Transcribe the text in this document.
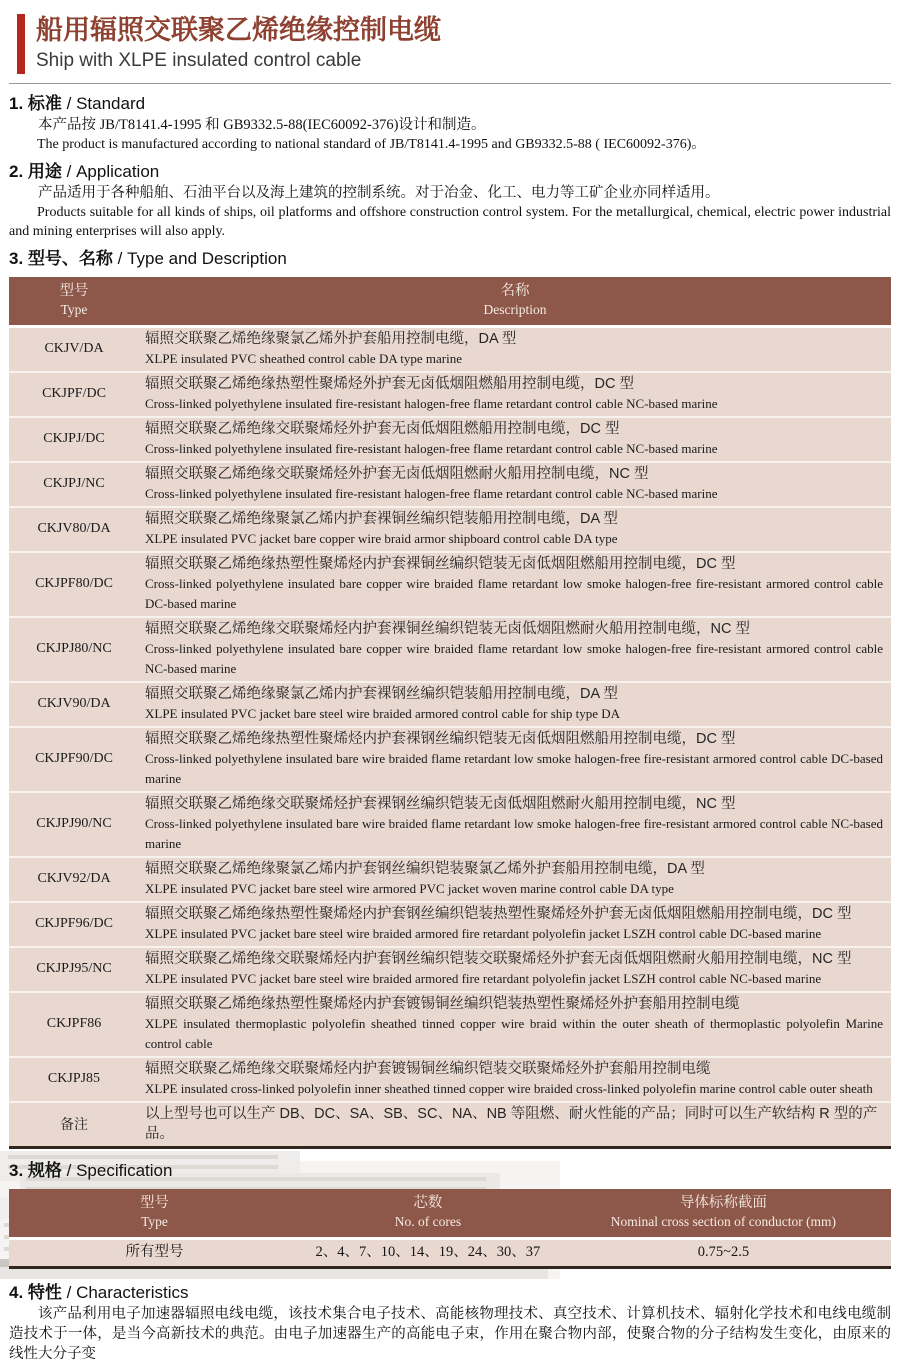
船用辐照交联聚乙烯绝缘控制电缆
Ship with XLPE insulated control cable
1. 标准 / Standard

本产品按 JB/T8141.4-1995 和 GB9332.5-88(IEC60092-376)设计和制造。

The product is manufactured according to national standard of JB/T8141.4-1995 and GB9332.5-88 ( IEC60092-376)。

2. 用途 / Application

产品适用于各种船舶、石油平台以及海上建筑的控制系统。对于冶金、化工、电力等工矿企业亦同样适用。

Products suitable for all kinds of ships, oil platforms and offshore construction control system. For the metallurgical, chemical, electric power industrial and mining enterprises will also apply.

3. 型号、名称 / Type and Description
型号
Type	名称
Description

CKJV/DA	辐照交联聚乙烯绝缘聚氯乙烯外护套船用控制电缆，DA 型
XLPE insulated PVC sheathed control cable DA type marine

CKJPF/DC	辐照交联聚乙烯绝缘热塑性聚烯烃外护套无卤低烟阻燃船用控制电缆，DC 型
Cross-linked polyethylene insulated fire-resistant halogen-free flame retardant control cable NC-based marine

CKJPJ/DC	辐照交联聚乙烯绝缘交联聚烯烃外护套无卤低烟阻燃船用控制电缆，DC 型
Cross-linked polyethylene insulated fire-resistant halogen-free flame retardant control cable NC-based marine

CKJPJ/NC	辐照交联聚乙烯绝缘交联聚烯烃外护套无卤低烟阻燃耐火船用控制电缆，NC 型
Cross-linked polyethylene insulated fire-resistant halogen-free flame retardant control cable NC-based marine

CKJV80/DA	辐照交联聚乙烯绝缘聚氯乙烯内护套裸铜丝编织铠装船用控制电缆，DA 型
XLPE insulated PVC jacket bare copper wire braid armor shipboard control cable DA type

CKJPF80/DC	辐照交联聚乙烯绝缘热塑性聚烯烃内护套裸铜丝编织铠装无卤低烟阻燃船用控制电缆，DC 型
Cross-linked polyethylene insulated bare copper wire braided flame retardant low smoke halogen-free fire-resistant armored control cable DC-based marine

CKJPJ80/NC	辐照交联聚乙烯绝缘交联聚烯烃内护套裸铜丝编织铠装无卤低烟阻燃耐火船用控制电缆，NC 型
Cross-linked polyethylene insulated bare copper wire braided flame retardant low smoke halogen-free fire-resistant armored control cable NC-based marine

CKJV90/DA	辐照交联聚乙烯绝缘聚氯乙烯内护套裸钢丝编织铠装船用控制电缆，DA 型
XLPE insulated PVC jacket bare steel wire braided armored control cable for ship type DA

CKJPF90/DC	辐照交联聚乙烯绝缘热塑性聚烯烃内护套裸钢丝编织铠装无卤低烟阻燃船用控制电缆，DC 型
Cross-linked polyethylene insulated bare wire braided flame retardant low smoke halogen-free fire-resistant armored control cable DC-based marine

CKJPJ90/NC	辐照交联聚乙烯绝缘交联聚烯烃护套裸钢丝编织铠装无卤低烟阻燃耐火船用控制电缆，NC 型
Cross-linked polyethylene insulated bare wire braided flame retardant low smoke halogen-free fire-resistant armored control cable NC-based marine

CKJV92/DA	辐照交联聚乙烯绝缘聚氯乙烯内护套钢丝编织铠装聚氯乙烯外护套船用控制电缆，DA 型
XLPE insulated PVC jacket bare steel wire armored PVC jacket woven marine control cable DA type

CKJPF96/DC	辐照交联聚乙烯绝缘热塑性聚烯烃内护套钢丝编织铠装热塑性聚烯烃外护套无卤低烟阻燃船用控制电缆，DC 型
XLPE insulated PVC jacket bare steel wire braided armored fire retardant polyolefin jacket LSZH control cable DC-based marine

CKJPJ95/NC	辐照交联聚乙烯绝缘交联聚烯烃内护套钢丝编织铠装交联聚烯烃外护套无卤低烟阻燃耐火船用控制电缆，NC 型
XLPE insulated PVC jacket bare steel wire braided armored fire retardant polyolefin jacket LSZH control cable NC-based marine

CKJPF86	辐照交联聚乙烯绝缘热塑性聚烯烃内护套镀锡铜丝编织铠装热塑性聚烯烃外护套船用控制电缆
XLPE insulated thermoplastic polyolefin sheathed tinned copper wire braid within the outer sheath of thermoplastic polyolefin Marine control cable

CKJPJ85	辐照交联聚乙烯绝缘交联聚烯烃内护套镀锡铜丝编织铠装交联聚烯烃外护套船用控制电缆
XLPE insulated cross-linked polyolefin inner sheathed tinned copper wire braided cross-linked polyolefin marine control cable outer sheath

备注	以上型号也可以生产 DB、DC、SA、SB、SC、NA、NB 等阻燃、耐火性能的产品；同时可以生产软结构 R 型的产品。
3. 规格 / Specification
型号
Type	芯数
No. of cores	导体标称截面
Nominal cross section of conductor (mm)

所有型号	2、4、7、10、14、19、24、30、37	0.75~2.5
4. 特性 / Characteristics

该产品利用电子加速器辐照电线电缆，该技术集合电子技术、高能核物理技术、真空技术、计算机技术、辐射化学技术和电线电缆制造技术于一体，是当今高新技术的典范。由电子加速器生产的高能电子束，作用在聚合物内部，使聚合物的分子结构发生变化，由原来的线性大分子变
